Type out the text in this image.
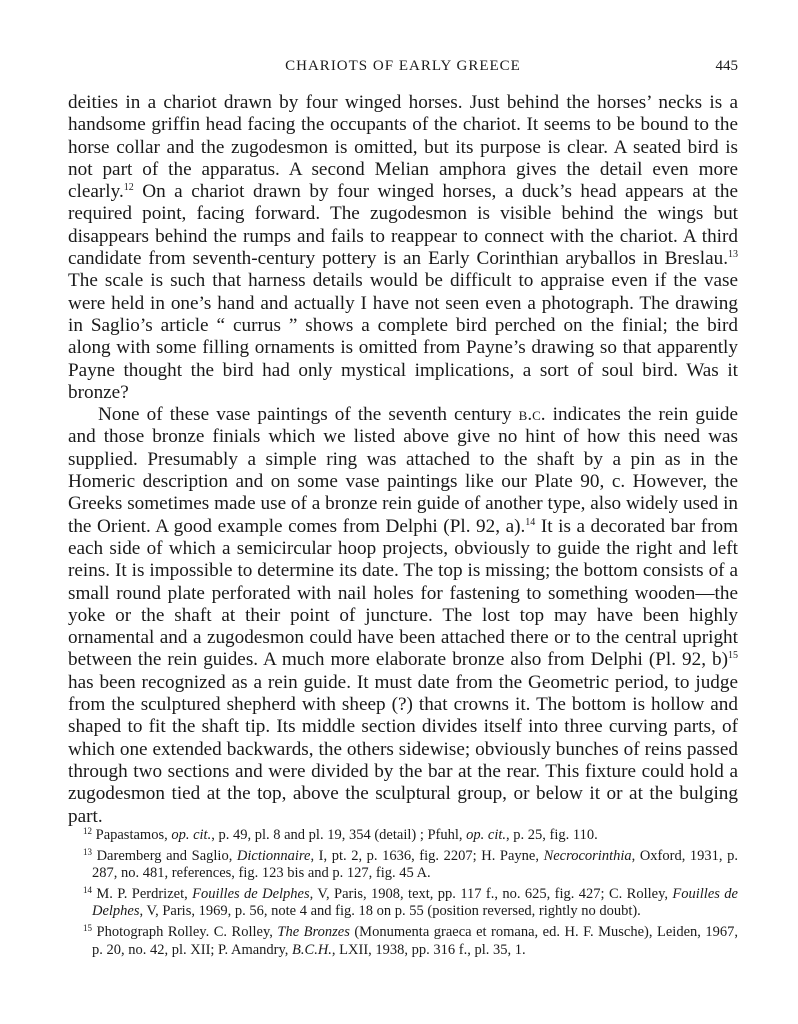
CHARIOTS OF EARLY GREECE	445

deities in a chariot drawn by four winged horses. Just behind the horses’ necks is a handsome griffin head facing the occupants of the chariot. It seems to be bound to the horse collar and the zugodesmon is omitted, but its purpose is clear. A seated bird is not part of the apparatus. A second Melian amphora gives the detail even more clearly.$^{12}$ On a chariot drawn by four winged horses, a duck’s head appears at the required point, facing forward. The zugodesmon is visible behind the wings but disappears behind the rumps and fails to reappear to connect with the chariot. A third candidate from seventh-century pottery is an Early Corinthian aryballos in Breslau.$^{13}$ The scale is such that harness details would be difficult to appraise even if the vase were held in one’s hand and actually I have not seen even a photograph. The drawing in Saglio’s article “ currus ” shows a complete bird perched on the finial; the bird along with some filling ornaments is omitted from Payne’s drawing so that apparently Payne thought the bird had only mystical implications, a sort of soul bird. Was it bronze?

None of these vase paintings of the seventh century b.c. indicates the rein guide and those bronze finials which we listed above give no hint of how this need was supplied. Presumably a simple ring was attached to the shaft by a pin as in the Homeric description and on some vase paintings like our Plate 90, c. However, the Greeks sometimes made use of a bronze rein guide of another type, also widely used in the Orient. A good example comes from Delphi (Pl. 92, a).$^{14}$ It is a decorated bar from each side of which a semicircular hoop projects, obviously to guide the right and left reins. It is impossible to determine its date. The top is missing; the bottom consists of a small round plate perforated with nail holes for fastening to something wooden—the yoke or the shaft at their point of juncture. The lost top may have been highly ornamental and a zugodesmon could have been attached there or to the central upright between the rein guides. A much more elaborate bronze also from Delphi (Pl. 92, b)$^{15}$ has been recognized as a rein guide. It must date from the Geometric period, to judge from the sculptured shepherd with sheep (?) that crowns it. The bottom is hollow and shaped to fit the shaft tip. Its middle section divides itself into three curving parts, of which one extended backwards, the others sidewise; obviously bunches of reins passed through two sections and were divided by the bar at the rear. This fixture could hold a zugodesmon tied at the top, above the sculptural group, or below it or at the bulging part.

$^{12}$ Papastamos, op. cit., p. 49, pl. 8 and pl. 19, 354 (detail) ; Pfuhl, op. cit., p. 25, fig. 110.

$^{13}$ Daremberg and Saglio, Dictionnaire, I, pt. 2, p. 1636, fig. 2207; H. Payne, Necrocorinthia, Oxford, 1931, p. 287, no. 481, references, fig. 123 bis and p. 127, fig. 45 A.

$^{14}$ M. P. Perdrizet, Fouilles de Delphes, V, Paris, 1908, text, pp. 117 f., no. 625, fig. 427; C. Rolley, Fouilles de Delphes, V, Paris, 1969, p. 56, note 4 and fig. 18 on p. 55 (position reversed, rightly no doubt).

$^{15}$ Photograph Rolley. C. Rolley, The Bronzes (Monumenta graeca et romana, ed. H. F. Musche), Leiden, 1967, p. 20, no. 42, pl. XII; P. Amandry, B.C.H., LXII, 1938, pp. 316 f., pl. 35, 1.
